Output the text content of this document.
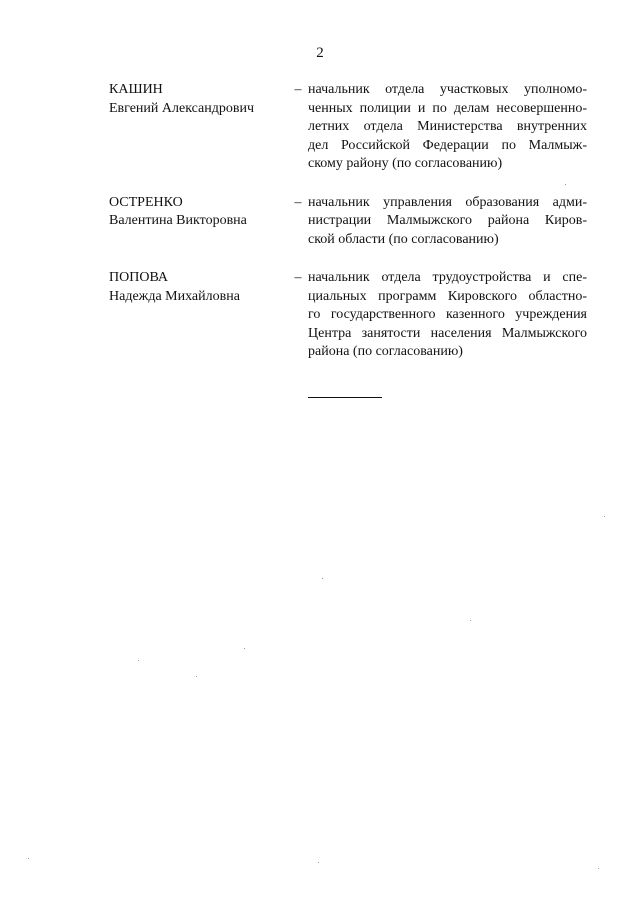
2
КАШИН
Евгений Александрович
– начальник отдела участковых уполномо-
ченных полиции и по делам несовершенно-
летних отдела Министерства внутренних
дел Российской Федерации по Малмыж-
скому району (по согласованию)
ОСТРЕНКО
Валентина Викторовна
– начальник управления образования адми-
нистрации Малмыжского района Киров-
ской области (по согласованию)
ПОПОВА
Надежда Михайловна
– начальник отдела трудоустройства и спе-
циальных программ Кировского областно-
го государственного казенного учреждения
Центра занятости населения Малмыжского
района (по согласованию)
